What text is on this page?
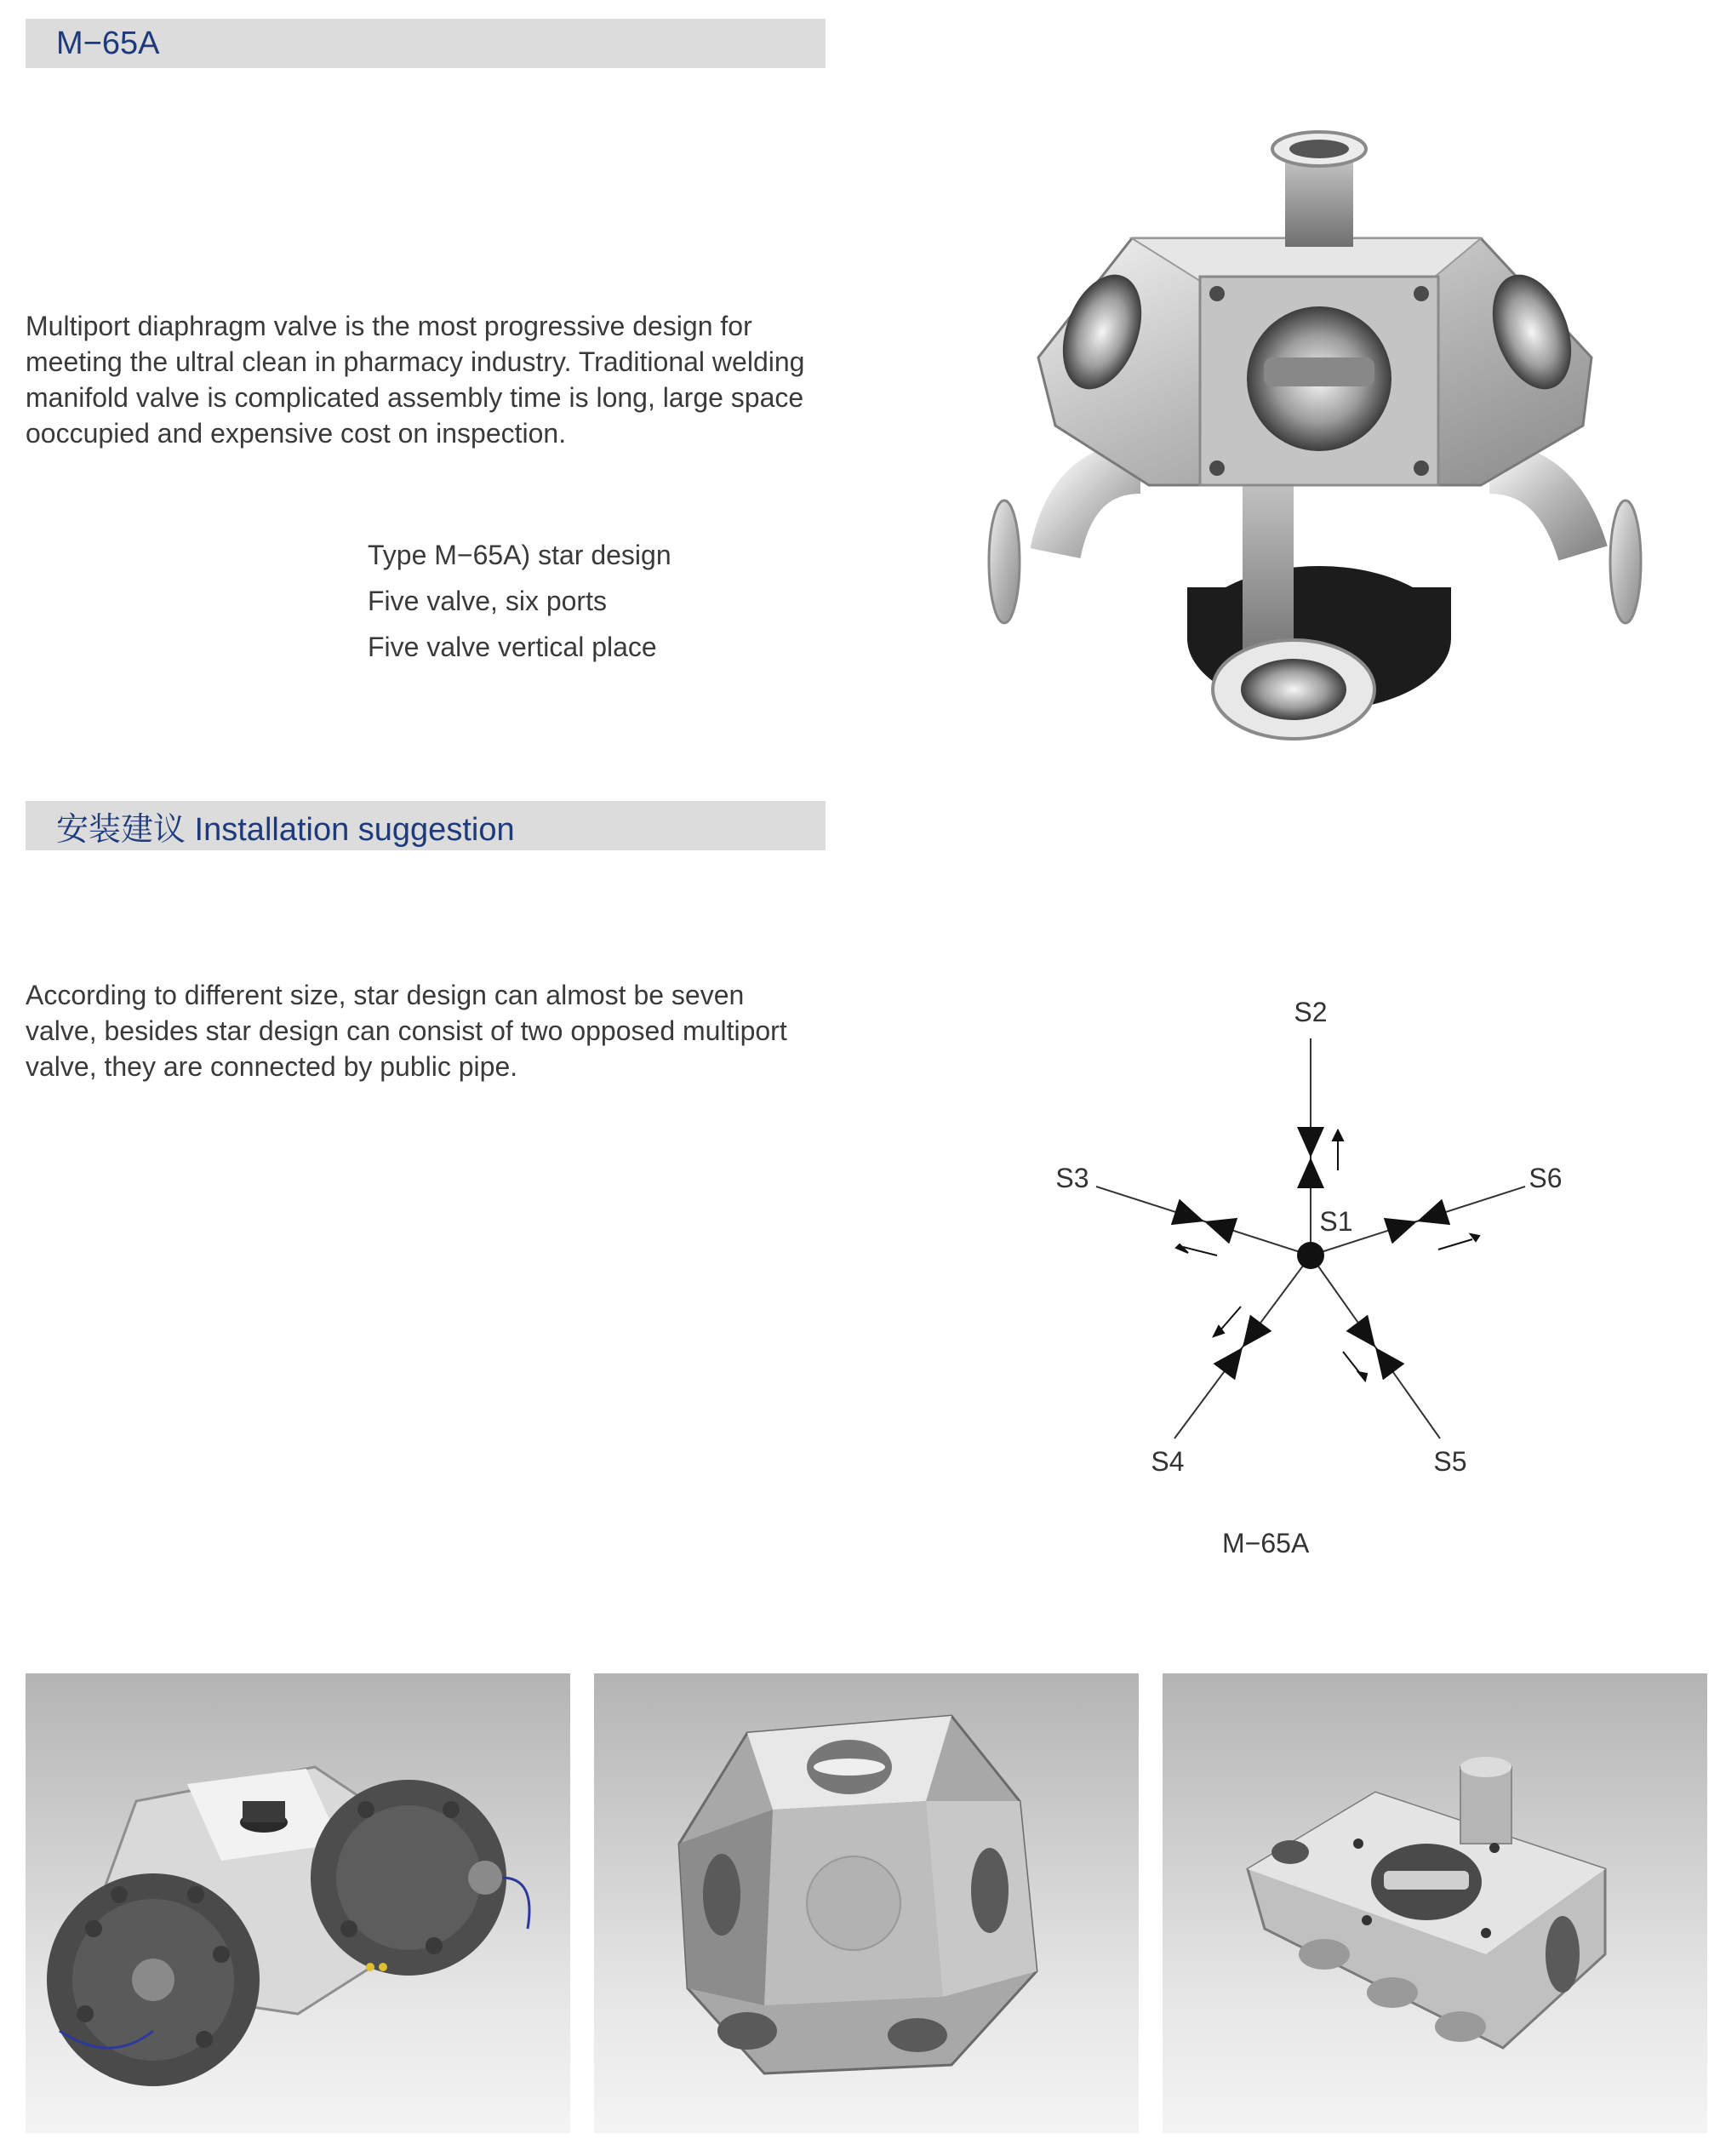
M−65A

Multiport diaphragm valve is the most progressive design for

meeting the ultral clean in pharmacy industry. Traditional welding

manifold valve is complicated assembly time is long, large space

ooccupied and expensive cost on inspection.

Type M−65A) star design
Five valve, six ports
Five valve vertical place
安装建议 Installation suggestion

According to different size, star design can almost be seven

valve, besides star design can consist of two opposed multiport

valve, they are connected by public pipe.

S2
S1
S3	S6
S4	S5
M−65A
